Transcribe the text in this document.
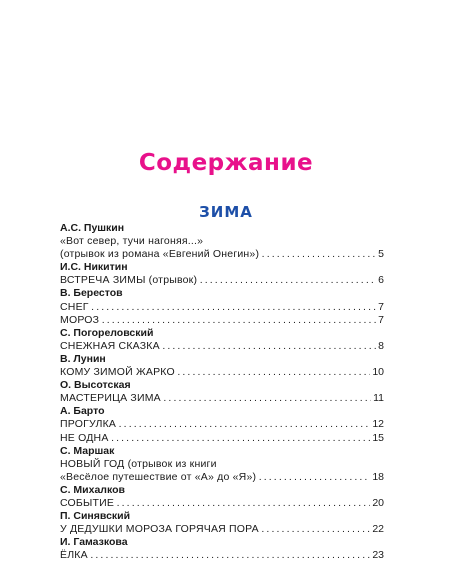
Содержание
ЗИМА
А.С. Пушкин
«Вот север, тучи нагоняя...»
(отрывок из романа «Евгений Онегин») . . .	5
И.С. Никитин
ВСТРЕЧА ЗИМЫ (отрывок) . . .	6
В. Берестов
СНЕГ . . .	7
МОРОЗ . . .	7
С. Погореловский
СНЕЖНАЯ СКАЗКА . . .	8
В. Лунин
КОМУ ЗИМОЙ ЖАРКО . . .	10
О. Высотская
МАСТЕРИЦА ЗИМА . . .	11
А. Барто
ПРОГУЛКА . . .	12
НЕ ОДНА . . .	15
С. Маршак
НОВЫЙ ГОД (отрывок из книги
«Весёлое путешествие от «А» до «Я») . . .	18
С. Михалков
СОБЫТИЕ . . .	20
П. Синявский
У ДЕДУШКИ МОРОЗА ГОРЯЧАЯ ПОРА . . .	22
И. Гамазкова
ЁЛКА . . .	23
